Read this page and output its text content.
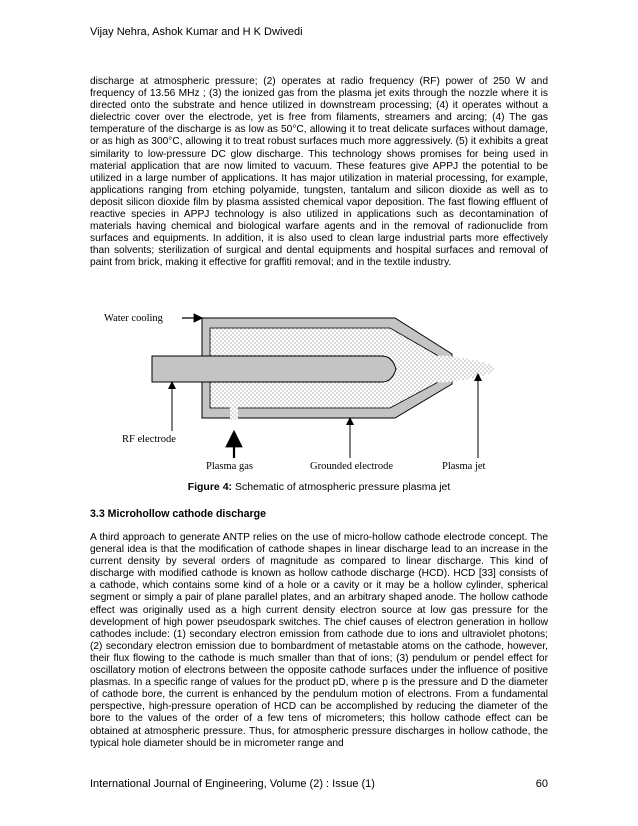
Vijay Nehra, Ashok Kumar and H K Dwivedi

discharge at atmospheric pressure; (2) operates at radio frequency (RF) power of 250 W and frequency of 13.56 MHz ; (3) the ionized gas from the plasma jet exits through the nozzle where it is directed onto the substrate and hence utilized in downstream processing; (4) it operates without a dielectric cover over the electrode, yet is free from filaments, streamers and arcing; (4) The gas temperature of the discharge is as low as 50°C, allowing it to treat delicate surfaces without damage, or as high as 300°C, allowing it to treat robust surfaces much more aggressively. (5) it exhibits a great similarity to low-pressure DC glow discharge. This technology shows promises for being used in material application that are now limited to vacuum. These features give APPJ the potential to be utilized in a large number of applications. It has major utilization in material processing, for example, applications ranging from etching polyamide, tungsten, tantalum and silicon dioxide as well as to deposit silicon dioxide film by plasma assisted chemical vapor deposition. The fast flowing effluent of reactive species in APPJ technology is also utilized in applications such as decontamination of materials having chemical and biological warfare agents and in the removal of radionuclide from surfaces and equipments. In addition, it is also used to clean large industrial parts more effectively than solvents; sterilization of surgical and dental equipments and hospital surfaces and removal of paint from brick, making it effective for graffiti removal; and in the textile industry.

Water cooling
RF electrode
Plasma gas	Grounded electrode	Plasma jet
Figure 4: Schematic of atmospheric pressure plasma jet
3.3 Microhollow cathode discharge

A third approach to generate ANTP relies on the use of micro-hollow cathode electrode concept. The general idea is that the modification of cathode shapes in linear discharge lead to an increase in the current density by several orders of magnitude as compared to linear discharge. This kind of discharge with modified cathode is known as hollow cathode discharge (HCD). HCD [33] consists of a cathode, which contains some kind of a hole or a cavity or it may be a hollow cylinder, spherical segment or simply a pair of plane parallel plates, and an arbitrary shaped anode. The hollow cathode effect was originally used as a high current density electron source at low gas pressure for the development of high power pseudospark switches. The chief causes of electron generation in hollow cathodes include: (1) secondary electron emission from cathode due to ions and ultraviolet photons; (2) secondary electron emission due to bombardment of metastable atoms on the cathode, however, their flux flowing to the cathode is much smaller than that of ions; (3) pendulum or pendel effect for oscillatory motion of electrons between the opposite cathode surfaces under the influence of positive plasmas. In a specific range of values for the product pD, where p is the pressure and D the diameter of cathode bore, the current is enhanced by the pendulum motion of electrons. From a fundamental perspective, high-pressure operation of HCD can be accomplished by reducing the diameter of the bore to the values of the order of a few tens of micrometers; this hollow cathode effect can be obtained at atmospheric pressure. Thus, for atmospheric pressure discharges in hollow cathode, the typical hole diameter should be in micrometer range and

International Journal of Engineering, Volume (2) : Issue (1)	60
